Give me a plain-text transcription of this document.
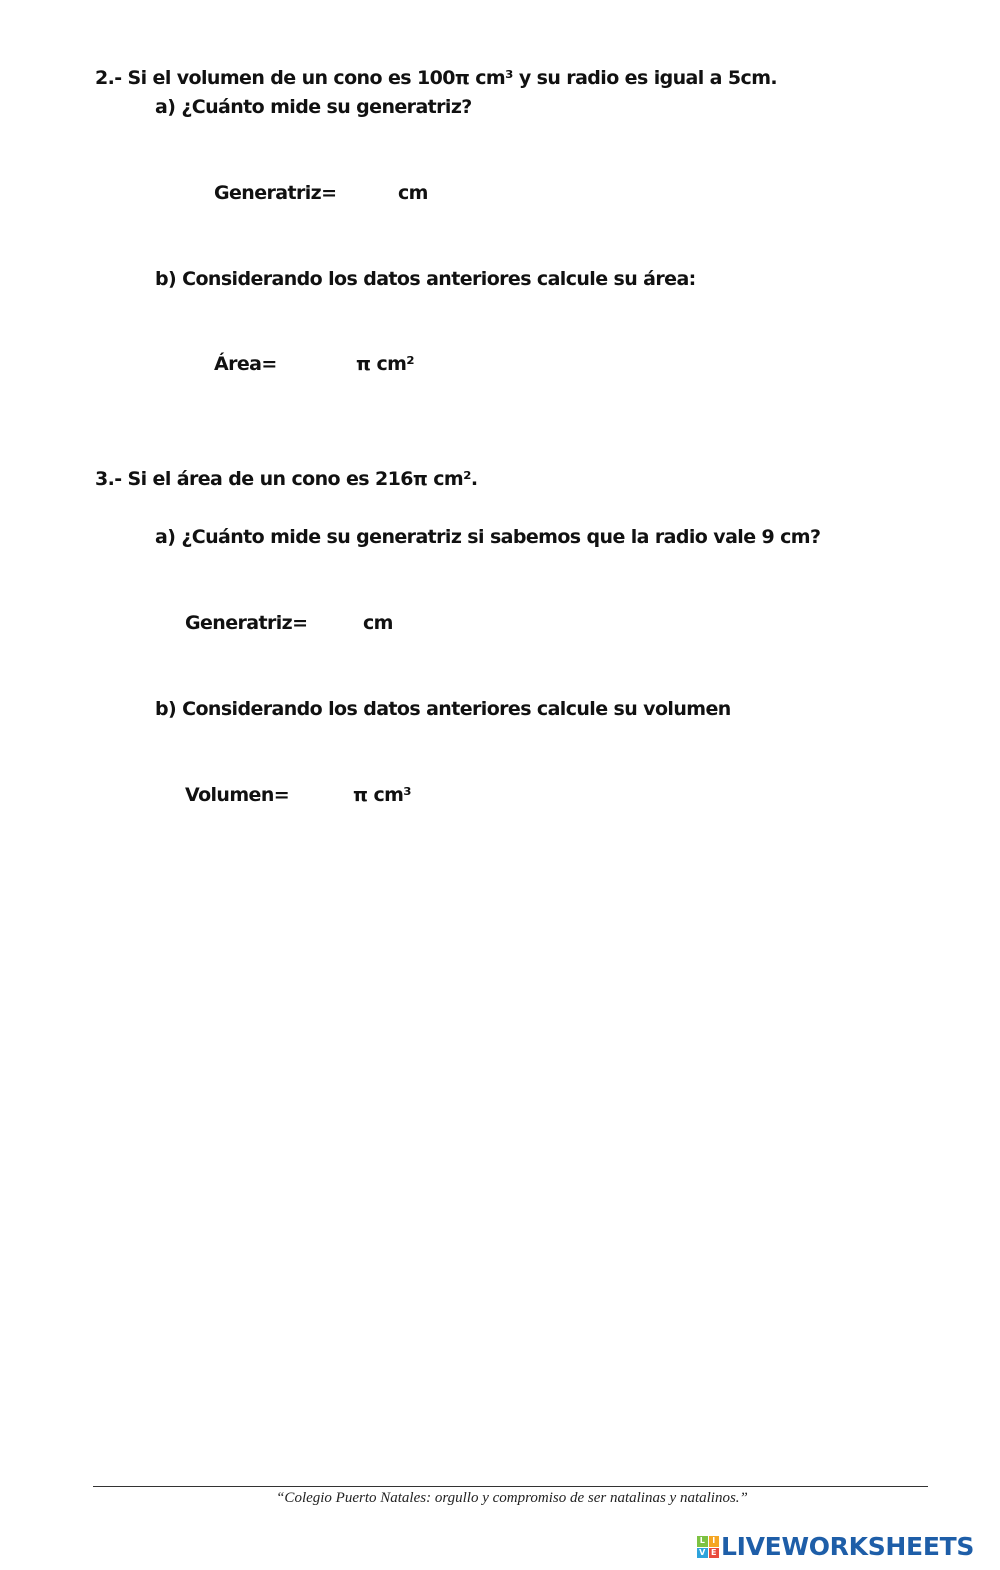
2.- Si el volumen de un cono es 100π cm³ y su radio es igual a 5cm.
a) ¿Cuánto mide su generatriz?
Generatriz=	cm
b) Considerando los datos anteriores calcule su área:
Área=	π cm²
3.- Si el área de un cono es 216π cm².
a) ¿Cuánto mide su generatriz si sabemos que la radio vale 9 cm?
Generatriz=	cm
b) Considerando los datos anteriores calcule su volumen
Volumen=	π cm³
“Colegio Puerto Natales: orgullo y compromiso de ser natalinas y natalinos.”
L I
V E LIVEWORKSHEETS
